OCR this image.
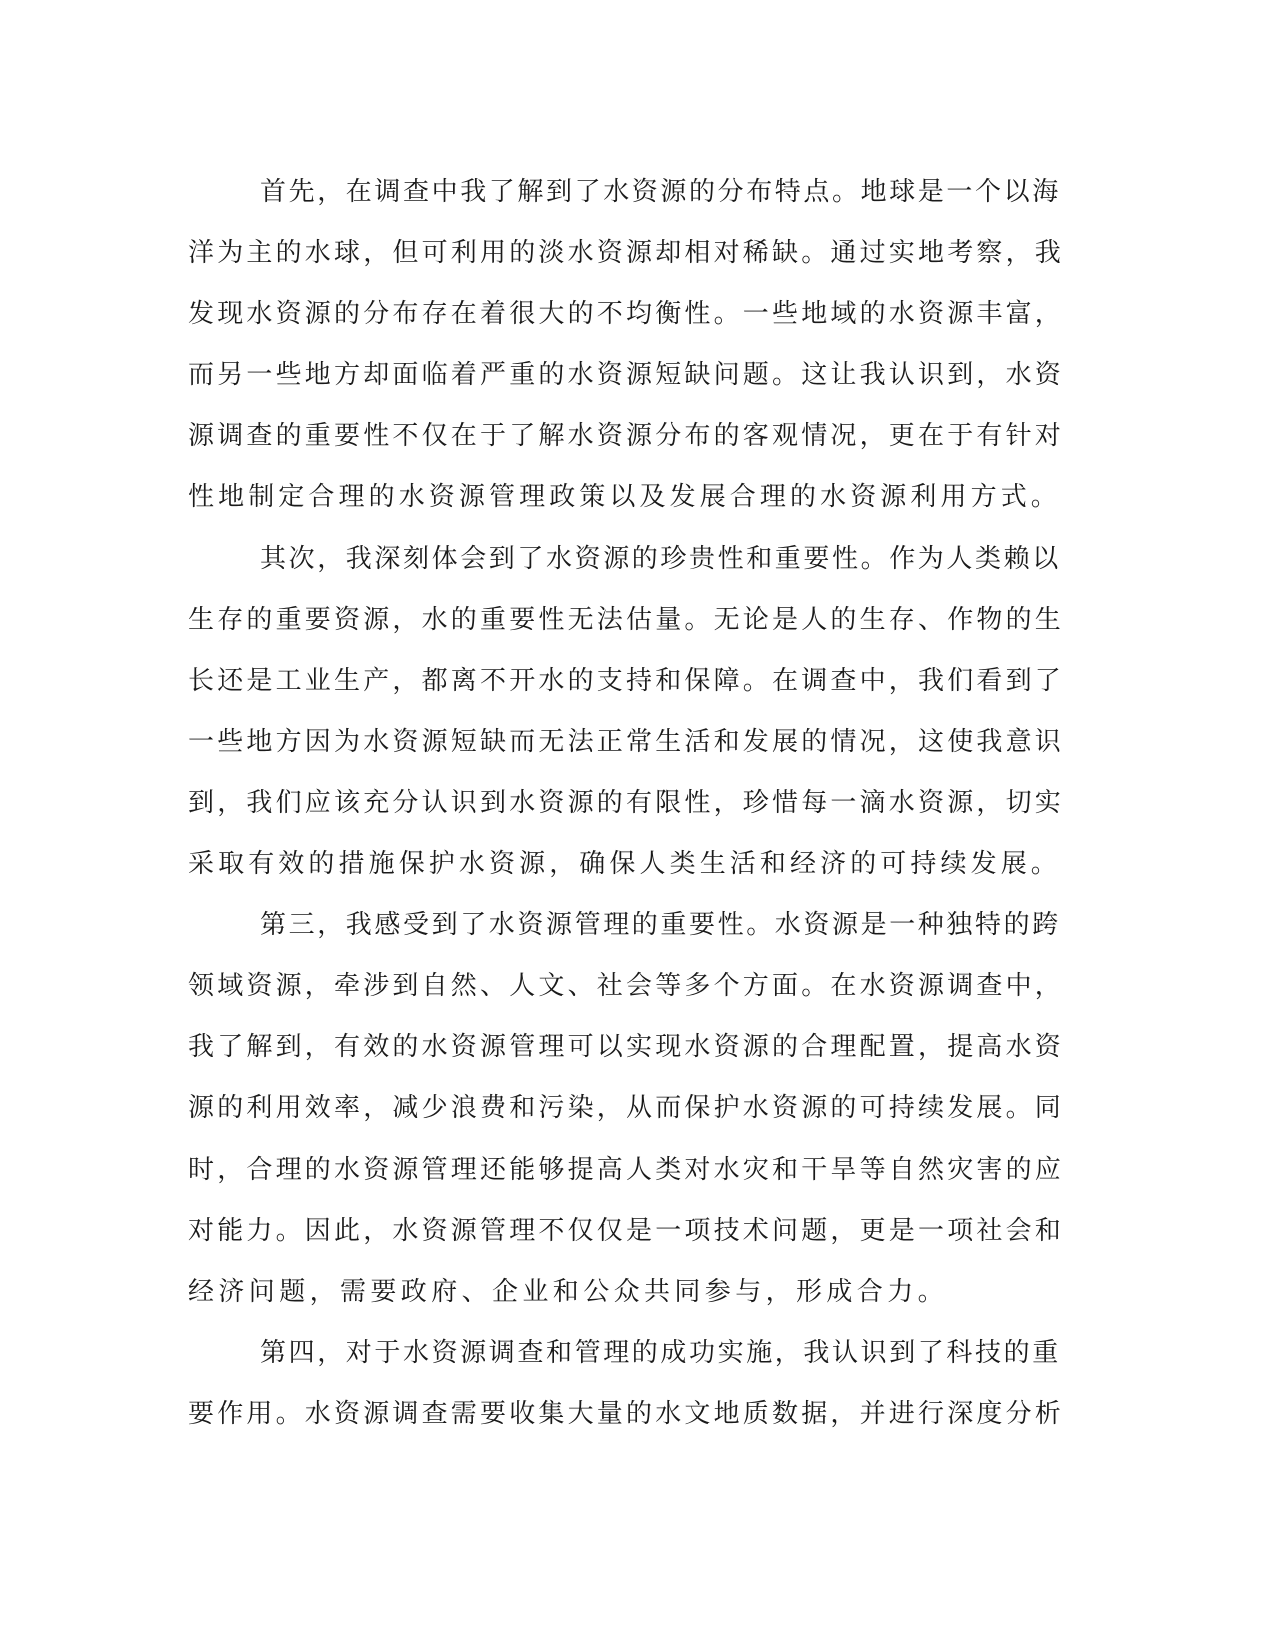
首先，在调查中我了解到了水资源的分布特点。地球是一个以海
洋为主的水球，但可利用的淡水资源却相对稀缺。通过实地考察，我
发现水资源的分布存在着很大的不均衡性。一些地域的水资源丰富，
而另一些地方却面临着严重的水资源短缺问题。这让我认识到，水资
源调查的重要性不仅在于了解水资源分布的客观情况，更在于有针对
性地制定合理的水资源管理政策以及发展合理的水资源利用方式。
其次，我深刻体会到了水资源的珍贵性和重要性。作为人类赖以
生存的重要资源，水的重要性无法估量。无论是人的生存、作物的生
长还是工业生产，都离不开水的支持和保障。在调查中，我们看到了
一些地方因为水资源短缺而无法正常生活和发展的情况，这使我意识
到，我们应该充分认识到水资源的有限性，珍惜每一滴水资源，切实
采取有效的措施保护水资源，确保人类生活和经济的可持续发展。
第三，我感受到了水资源管理的重要性。水资源是一种独特的跨
领域资源，牵涉到自然、人文、社会等多个方面。在水资源调查中，
我了解到，有效的水资源管理可以实现水资源的合理配置，提高水资
源的利用效率，减少浪费和污染，从而保护水资源的可持续发展。同
时，合理的水资源管理还能够提高人类对水灾和干旱等自然灾害的应
对能力。因此，水资源管理不仅仅是一项技术问题，更是一项社会和
经济问题，需要政府、企业和公众共同参与，形成合力。
第四，对于水资源调查和管理的成功实施，我认识到了科技的重
要作用。水资源调查需要收集大量的水文地质数据，并进行深度分析
